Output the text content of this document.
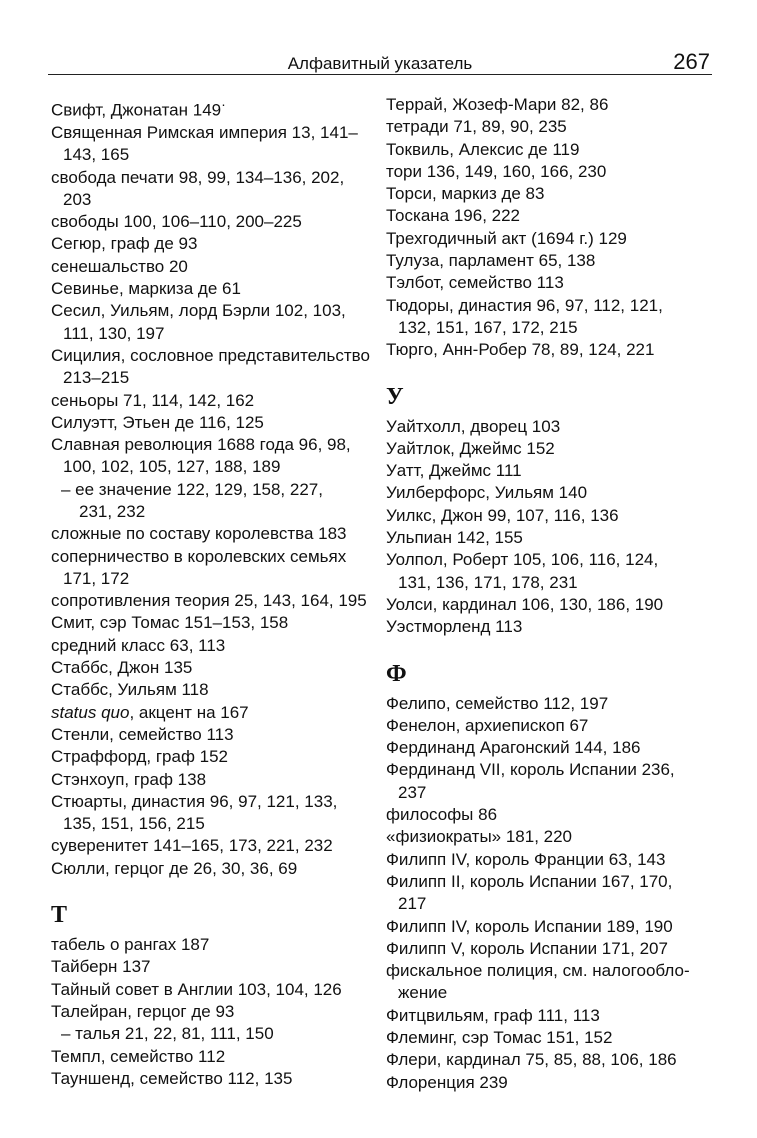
Алфавитный указатель	267
Свифт, Джонатан 149·
Священная Римская империя 13, 141–
143, 165
свобода печати 98, 99, 134–136, 202,
203
свободы 100, 106–110, 200–225
Сегюр, граф де 93
сенешальство 20
Севинье, маркиза де 61
Сесил, Уильям, лорд Бэрли 102, 103,
111, 130, 197
Сицилия, сословное представительство
213–215
сеньоры 71, 114, 142, 162
Силуэтт, Этьен де 116, 125
Славная революция 1688 года 96, 98,
100, 102, 105, 127, 188, 189
– ее значение 122, 129, 158, 227,
231, 232
сложные по составу королевства 183
соперничество в королевских семьях
171, 172
сопротивления теория 25, 143, 164, 195
Смит, сэр Томас 151–153, 158
средний класс 63, 113
Стаббс, Джон 135
Стаббс, Уильям 118
status quo, акцент на 167
Стенли, семейство 113
Страффорд, граф 152
Стэнхоуп, граф 138
Стюарты, династия 96, 97, 121, 133,
135, 151, 156, 215
суверенитет 141–165, 173, 221, 232
Сюлли, герцог де 26, 30, 36, 69
Т
табель о рангах 187
Тайберн 137
Тайный совет в Англии 103, 104, 126
Талейран, герцог де 93
– талья 21, 22, 81, 111, 150
Темпл, семейство 112
Тауншенд, семейство 112, 135
Террай, Жозеф-Мари 82, 86
тетради 71, 89, 90, 235
Токвиль, Алексис де 119
тори 136, 149, 160, 166, 230
Торси, маркиз де 83
Тоскана 196, 222
Трехгодичный акт (1694 г.) 129
Тулуза, парламент 65, 138
Тэлбот, семейство 113
Тюдоры, династия 96, 97, 112, 121,
132, 151, 167, 172, 215
Тюрго, Анн-Робер 78, 89, 124, 221
У
Уайтхолл, дворец 103
Уайтлок, Джеймс 152
Уатт, Джеймс 111
Уилберфорс, Уильям 140
Уилкс, Джон 99, 107, 116, 136
Ульпиан 142, 155
Уолпол, Роберт 105, 106, 116, 124,
131, 136, 171, 178, 231
Уолси, кардинал 106, 130, 186, 190
Уэстморленд 113
Ф
Фелипо, семейство 112, 197
Фенелон, архиепископ 67
Фердинанд Арагонский 144, 186
Фердинанд VII, король Испании 236,
237
философы 86
«физиократы» 181, 220
Филипп IV, король Франции 63, 143
Филипп II, король Испании 167, 170,
217
Филипп IV, король Испании 189, 190
Филипп V, король Испании 171, 207
фискальное полиция, см. налогообло-
жение
Фитцвильям, граф 111, 113
Флеминг, сэр Томас 151, 152
Флери, кардинал 75, 85, 88, 106, 186
Флоренция 239
